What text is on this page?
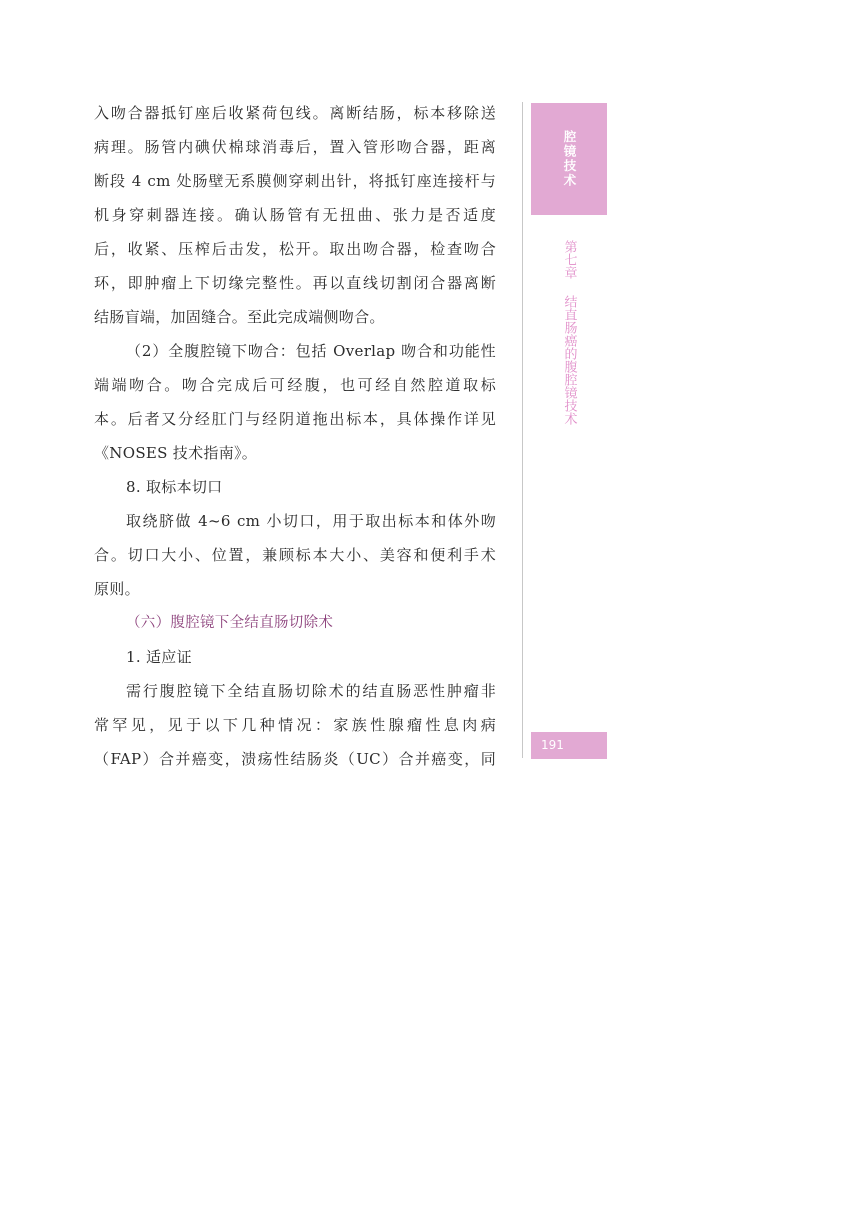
入吻合器抵钉座后收紧荷包线。离断结肠，标本移除送
病理。肠管内碘伏棉球消毒后，置入管形吻合器，距离
断段 4 cm 处肠壁无系膜侧穿刺出针，将抵钉座连接杆与
机身穿刺器连接。确认肠管有无扭曲、张力是否适度
后，收紧、压榨后击发，松开。取出吻合器，检查吻合
环，即肿瘤上下切缘完整性。再以直线切割闭合器离断
结肠盲端，加固缝合。至此完成端侧吻合。
（2）全腹腔镜下吻合：包括 Overlap 吻合和功能性
端端吻合。吻合完成后可经腹，也可经自然腔道取标
本。后者又分经肛门与经阴道拖出标本，具体操作详见
《NOSES 技术指南》。
8. 取标本切口
取绕脐做 4~6 cm 小切口，用于取出标本和体外吻
合。切口大小、位置，兼顾标本大小、美容和便利手术
原则。
（六）腹腔镜下全结直肠切除术
1. 适应证
需行腹腔镜下全结直肠切除术的结直肠恶性肿瘤非
常罕见，见于以下几种情况：家族性腺瘤性息肉病
（FAP）合并癌变，溃疡性结肠炎（UC）合并癌变，同
腔镜技术
第七章结直肠癌的腹腔镜技术
191
